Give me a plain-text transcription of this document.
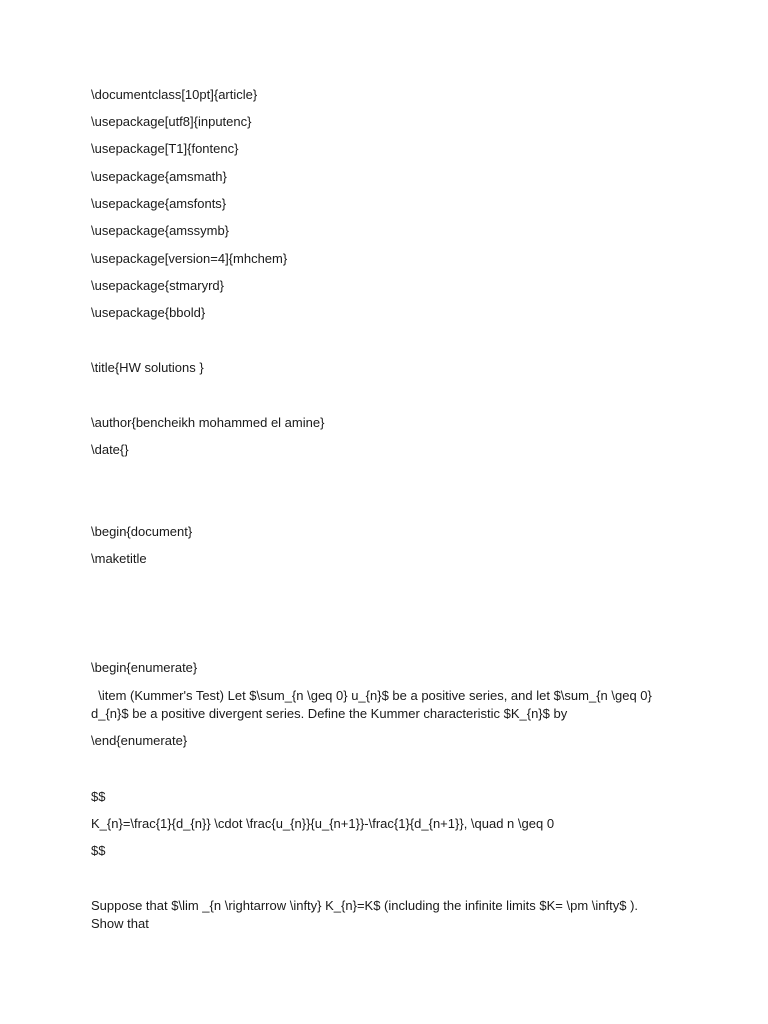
\documentclass[10pt]{article}
\usepackage[utf8]{inputenc}
\usepackage[T1]{fontenc}
\usepackage{amsmath}
\usepackage{amsfonts}
\usepackage{amssymb}
\usepackage[version=4]{mhchem}
\usepackage{stmaryrd}
\usepackage{bbold}
\title{HW solutions }
\author{bencheikh mohammed el amine}
\date{}
\begin{document}
\maketitle
\begin{enumerate}
\item (Kummer's Test) Let $\sum_{n \geq 0} u_{n}$ be a positive series, and let $\sum_{n \geq 0} d_{n}$ be a positive divergent series. Define the Kummer characteristic $K_{n}$ by
\end{enumerate}
$$
K_{n}=\frac{1}{d_{n}} \cdot \frac{u_{n}}{u_{n+1}}-\frac{1}{d_{n+1}}, \quad n \geq 0
$$
Suppose that $\lim _{n \rightarrow \infty} K_{n}=K$ (including the infinite limits $K= \pm \infty$ ). Show that
